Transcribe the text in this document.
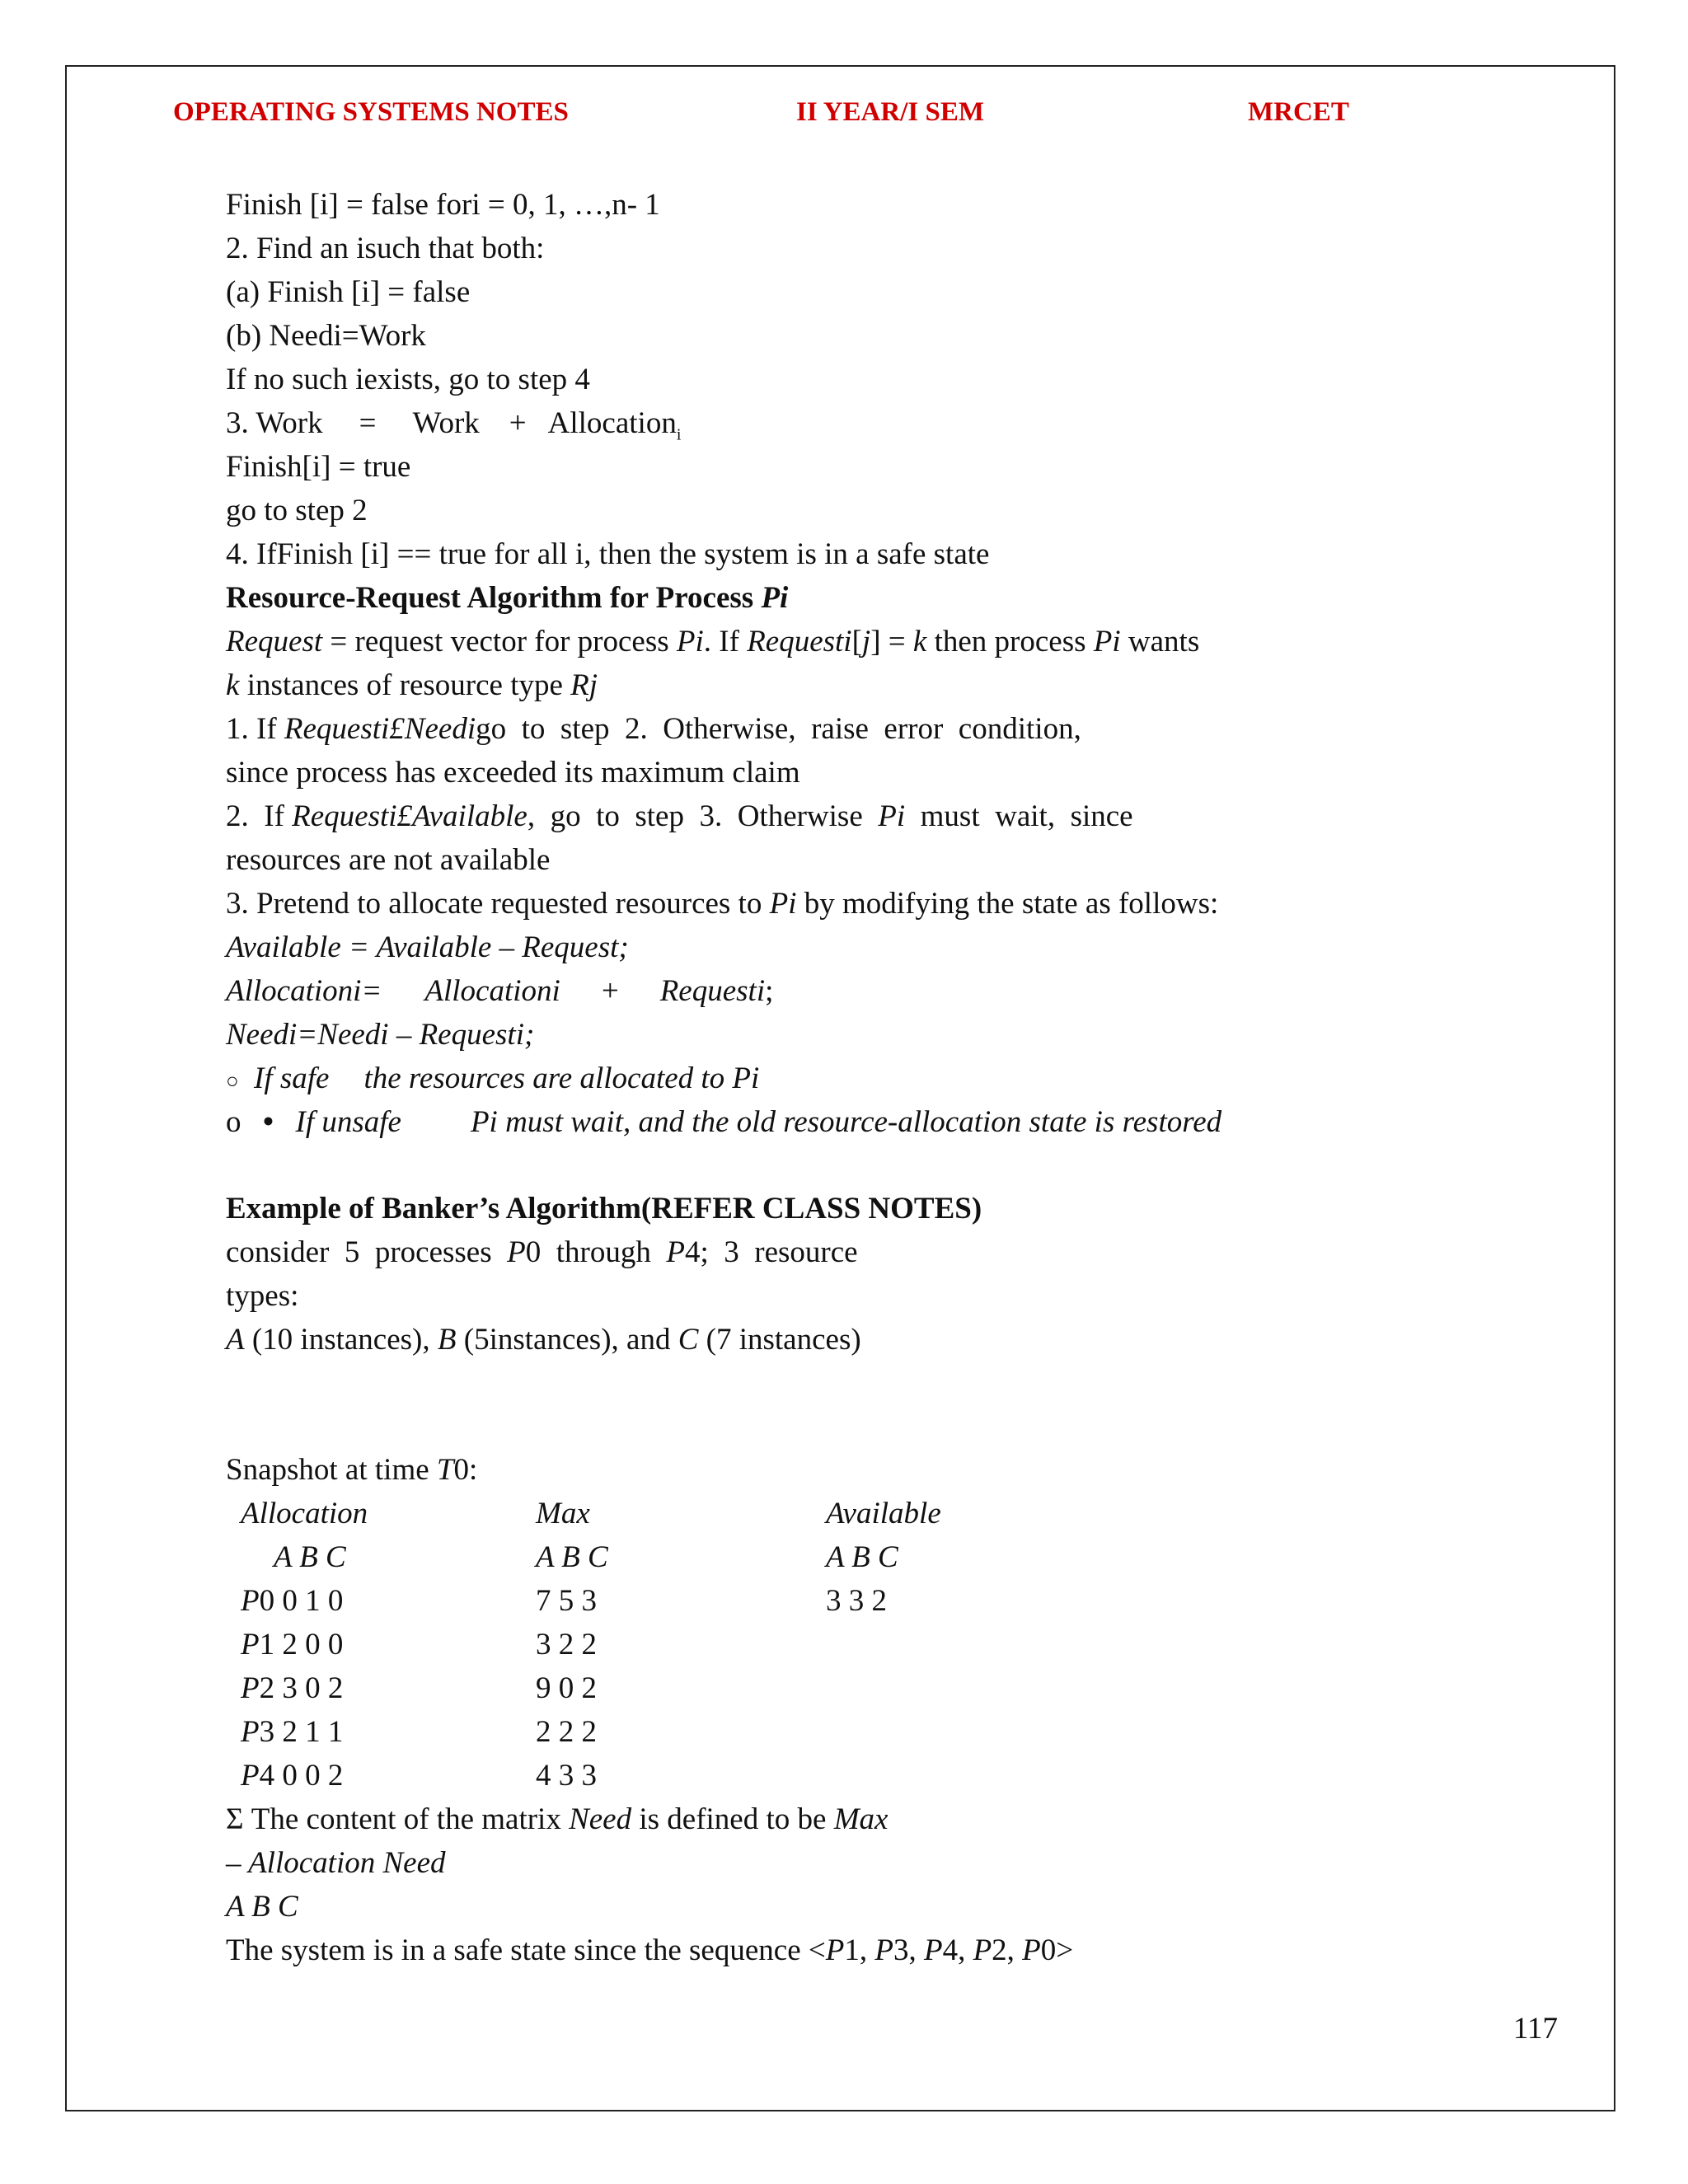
OPERATING SYSTEMS NOTES	II YEAR/I SEM	MRCET
Finish [i] = false fori = 0, 1, …,n- 1
2. Find an isuch that both:
(a) Finish [i] = false
(b) Needi=Work
If no such iexists, go to step 4
3. Work = Work + Allocation$_i$
Finish[i] = true
go to step 2
4. IfFinish [i] == true for all i, then the system is in a safe state
Resource-Request Algorithm for Process Pi
Request = request vector for process Pi. If Requesti[j] = k then process Pi wants
k instances of resource type Rj
1. If Requesti£Needigo  to  step  2.  Otherwise,  raise  error  condition,
since process has exceeded its maximum claim
2.  If Requesti£Available,  go  to  step  3.  Otherwise  Pi  must  wait,  since
resources are not available
3. Pretend to allocate requested resources to Pi by modifying the state as follows:
Available = Available – Request;
Allocationi= Allocationi + Requesti;
Needi=Needi – Requesti;
○ If safe the resources are allocated to Pi
o • If unsafe Pi must wait, and the old resource-allocation state is restored
Example of Banker’s Algorithm(REFER CLASS NOTES)
consider  5  processes  P0  through  P4;  3  resource
types:
A (10 instances), B (5instances), and C (7 instances)
Snapshot at time T0:
Allocation	Max	Available
A B C	A B C	A B C
P0 0 1 0	7 5 3	3 3 2
P1 2 0 0	3 2 2
P2 3 0 2	9 0 2
P3 2 1 1	2 2 2
P4 0 0 2	4 3 3
Σ The content of the matrix Need is defined to be Max
– Allocation Need
A B C
The system is in a safe state since the sequence <P1, P3, P4, P2, P0>
117
